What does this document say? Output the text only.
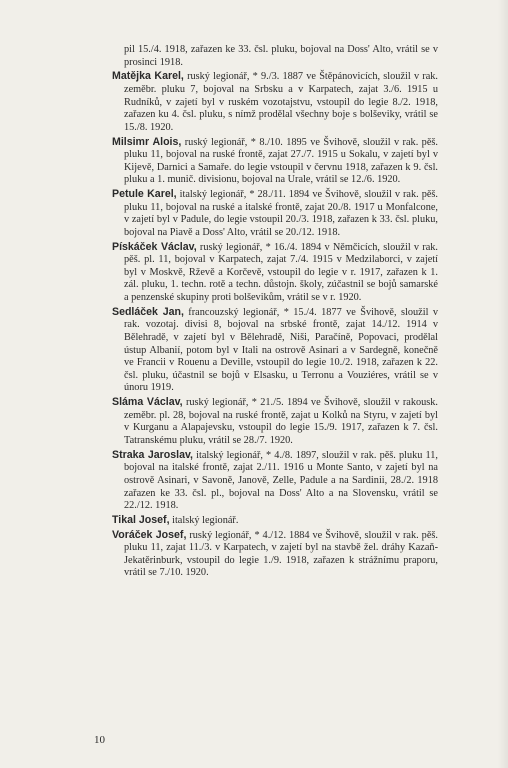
pil 15./4. 1918, zařazen ke 33. čsl. pluku, bojoval na Doss' Alto, vrátil se v prosinci 1918.

Matějka Karel, ruský legionář, * 9./3. 1887 ve Štěpánovicích, sloužil v rak. zeměbr. pluku 7, bojoval na Srbsku a v Karpatech, zajat 3./6. 1915 u Rudníků, v zajetí byl v ruském vozotajstvu, vstoupil do legie 8./2. 1918, zařazen ku 4. čsl. pluku, s nímž prodělal všechny boje s bolševiky, vrátil se 15./8. 1920.

Milsimr Alois, ruský legionář, * 8./10. 1895 ve Švihově, sloužil v rak. pěš. pluku 11, bojoval na ruské frontě, zajat 27./7. 1915 u Sokalu, v zajetí byl v Kijevě, Darnici a Samaře. do legie vstoupil v červnu 1918, zařazen k 9. čsl. pluku a 1. munič. divisionu, bojoval na Urale, vrátil se 12./6. 1920.

Petule Karel, italský legionář, * 28./11. 1894 ve Švihově, sloužil v rak. pěš. pluku 11, bojoval na ruské a italské frontě, zajat 20./8. 1917 u Monfalcone, v zajetí byl v Padule, do legie vstoupil 20./3. 1918, zařazen k 33. čsl. pluku, bojoval na Piavě a Doss' Alto, vrátil se 20./12. 1918.

Pískáček Václav, ruský legionář, * 16./4. 1894 v Němčicích, sloužil v rak. pěš. pl. 11, bojoval v Karpatech, zajat 7./4. 1915 v Medzilaborci, v zajetí byl v Moskvě, Rževě a Korčevě, vstoupil do legie v r. 1917, zařazen k 1. zál. pluku, 1. techn. rotě a techn. důstojn. školy, zúčastnil se bojů samarské a penzenské skupiny proti bolševikům, vrátil se v r. 1920.

Sedláček Jan, francouzský legionář, * 15./4. 1877 ve Švihově, sloužil v rak. vozotaj. divisi 8, bojoval na srbské frontě, zajat 14./12. 1914 v Bělehradě, v zajetí byl v Bělehradě, Niši, Paračíně, Popovaci, prodělal ústup Albanií, potom byl v Itali na ostrově Asinari a v Sardegně, konečně ve Francii v Rouenu a Deville, vstoupil do legie 10./2. 1918, zařazen k 22. čsl. pluku, účastnil se bojů v Elsasku, u Terronu a Vouziéres, vrátil se v únoru 1919.

Sláma Václav, ruský legionář, * 21./5. 1894 ve Švihově, sloužil v rakousk. zeměbr. pl. 28, bojoval na ruské frontě, zajat u Kolků na Styru, v zajetí byl v Kurganu a Alapajevsku, vstoupil do legie 15./9. 1917, zařazen k 7. čsl. Tatranskému pluku, vrátil se 28./7. 1920.

Straka Jaroslav, italský legionář, * 4./8. 1897, sloužil v rak. pěš. pluku 11, bojoval na italské frontě, zajat 2./11. 1916 u Monte Santo, v zajetí byl na ostrově Asinari, v Savoně, Janově, Zelle, Padule a na Sardinii, 28./2. 1918 zařazen ke 33. čsl. pl., bojoval na Doss' Alto a na Slovensku, vrátil se 22./12. 1918.

Tikal Josef, italský legionář.

Voráček Josef, ruský legionář, * 4./12. 1884 ve Švihově, sloužil v rak. pěš. pluku 11, zajat 11./3. v Karpatech, v zajetí byl na stavbě žel. dráhy Kazaň-Jekatěrinburk, vstoupil do legie 1./9. 1918, zařazen k strážnímu praporu, vrátil se 7./10. 1920.

10
